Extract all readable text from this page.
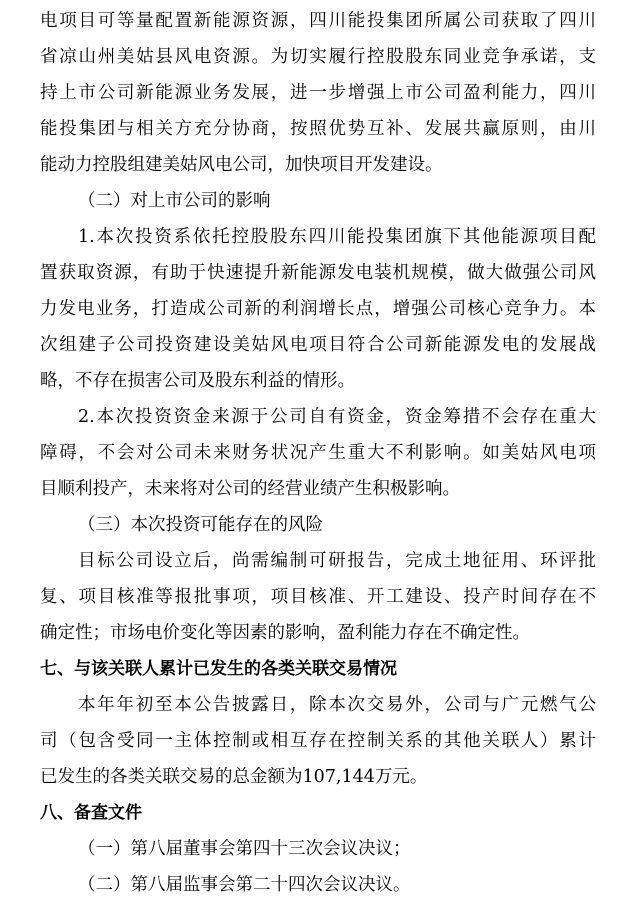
电项目可等量配置新能源资源，四川能投集团所属公司获取了四川
省凉山州美姑县风电资源。为切实履行控股股东同业竞争承诺，支
持上市公司新能源业务发展，进一步增强上市公司盈利能力，四川
能投集团与相关方充分协商，按照优势互补、发展共赢原则，由川
能动力控股组建美姑风电公司，加快项目开发建设。
（二）对上市公司的影响
1.本次投资系依托控股股东四川能投集团旗下其他能源项目配
置获取资源，有助于快速提升新能源发电装机规模，做大做强公司风
力发电业务，打造成公司新的利润增长点，增强公司核心竞争力。本
次组建子公司投资建设美姑风电项目符合公司新能源发电的发展战
略，不存在损害公司及股东利益的情形。
2.本次投资资金来源于公司自有资金，资金筹措不会存在重大
障碍，不会对公司未来财务状况产生重大不利影响。如美姑风电项
目顺利投产，未来将对公司的经营业绩产生积极影响。
（三）本次投资可能存在的风险
目标公司设立后，尚需编制可研报告，完成土地征用、环评批
复、项目核准等报批事项，项目核准、开工建设、投产时间存在不
确定性；市场电价变化等因素的影响，盈利能力存在不确定性。
七、与该关联人累计已发生的各类关联交易情况
本年年初至本公告披露日，除本次交易外，公司与广元燃气公
司（包含受同一主体控制或相互存在控制关系的其他关联人）累计
已发生的各类关联交易的总金额为107,144万元。
八、备查文件
（一）第八届董事会第四十三次会议决议；
（二）第八届监事会第二十四次会议决议。
